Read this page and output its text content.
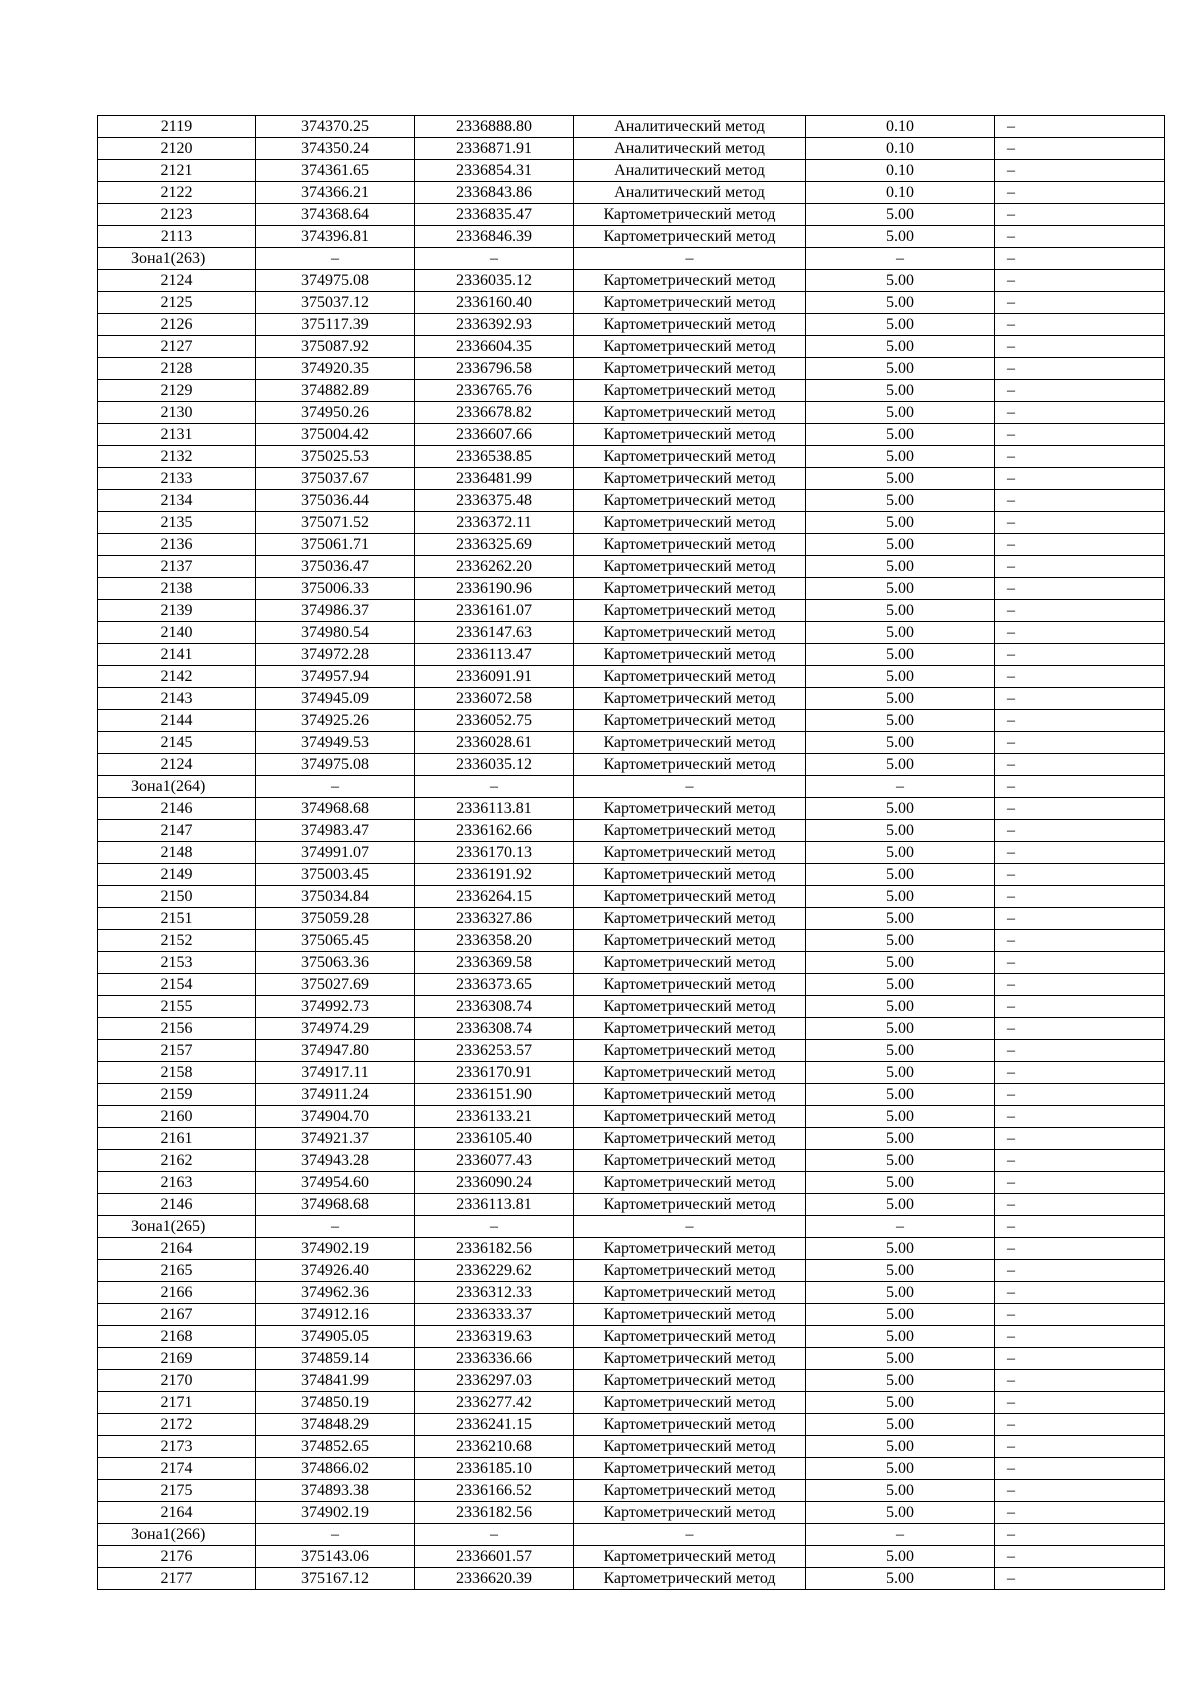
2119	374370.25	2336888.80	Аналитический метод	0.10	–
2120	374350.24	2336871.91	Аналитический метод	0.10	–
2121	374361.65	2336854.31	Аналитический метод	0.10	–
2122	374366.21	2336843.86	Аналитический метод	0.10	–
2123	374368.64	2336835.47	Картометрический метод	5.00	–
2113	374396.81	2336846.39	Картометрический метод	5.00	–
Зона1(263)	–	–	–	–	–
2124	374975.08	2336035.12	Картометрический метод	5.00	–
2125	375037.12	2336160.40	Картометрический метод	5.00	–
2126	375117.39	2336392.93	Картометрический метод	5.00	–
2127	375087.92	2336604.35	Картометрический метод	5.00	–
2128	374920.35	2336796.58	Картометрический метод	5.00	–
2129	374882.89	2336765.76	Картометрический метод	5.00	–
2130	374950.26	2336678.82	Картометрический метод	5.00	–
2131	375004.42	2336607.66	Картометрический метод	5.00	–
2132	375025.53	2336538.85	Картометрический метод	5.00	–
2133	375037.67	2336481.99	Картометрический метод	5.00	–
2134	375036.44	2336375.48	Картометрический метод	5.00	–
2135	375071.52	2336372.11	Картометрический метод	5.00	–
2136	375061.71	2336325.69	Картометрический метод	5.00	–
2137	375036.47	2336262.20	Картометрический метод	5.00	–
2138	375006.33	2336190.96	Картометрический метод	5.00	–
2139	374986.37	2336161.07	Картометрический метод	5.00	–
2140	374980.54	2336147.63	Картометрический метод	5.00	–
2141	374972.28	2336113.47	Картометрический метод	5.00	–
2142	374957.94	2336091.91	Картометрический метод	5.00	–
2143	374945.09	2336072.58	Картометрический метод	5.00	–
2144	374925.26	2336052.75	Картометрический метод	5.00	–
2145	374949.53	2336028.61	Картометрический метод	5.00	–
2124	374975.08	2336035.12	Картометрический метод	5.00	–
Зона1(264)	–	–	–	–	–
2146	374968.68	2336113.81	Картометрический метод	5.00	–
2147	374983.47	2336162.66	Картометрический метод	5.00	–
2148	374991.07	2336170.13	Картометрический метод	5.00	–
2149	375003.45	2336191.92	Картометрический метод	5.00	–
2150	375034.84	2336264.15	Картометрический метод	5.00	–
2151	375059.28	2336327.86	Картометрический метод	5.00	–
2152	375065.45	2336358.20	Картометрический метод	5.00	–
2153	375063.36	2336369.58	Картометрический метод	5.00	–
2154	375027.69	2336373.65	Картометрический метод	5.00	–
2155	374992.73	2336308.74	Картометрический метод	5.00	–
2156	374974.29	2336308.74	Картометрический метод	5.00	–
2157	374947.80	2336253.57	Картометрический метод	5.00	–
2158	374917.11	2336170.91	Картометрический метод	5.00	–
2159	374911.24	2336151.90	Картометрический метод	5.00	–
2160	374904.70	2336133.21	Картометрический метод	5.00	–
2161	374921.37	2336105.40	Картометрический метод	5.00	–
2162	374943.28	2336077.43	Картометрический метод	5.00	–
2163	374954.60	2336090.24	Картометрический метод	5.00	–
2146	374968.68	2336113.81	Картометрический метод	5.00	–
Зона1(265)	–	–	–	–	–
2164	374902.19	2336182.56	Картометрический метод	5.00	–
2165	374926.40	2336229.62	Картометрический метод	5.00	–
2166	374962.36	2336312.33	Картометрический метод	5.00	–
2167	374912.16	2336333.37	Картометрический метод	5.00	–
2168	374905.05	2336319.63	Картометрический метод	5.00	–
2169	374859.14	2336336.66	Картометрический метод	5.00	–
2170	374841.99	2336297.03	Картометрический метод	5.00	–
2171	374850.19	2336277.42	Картометрический метод	5.00	–
2172	374848.29	2336241.15	Картометрический метод	5.00	–
2173	374852.65	2336210.68	Картометрический метод	5.00	–
2174	374866.02	2336185.10	Картометрический метод	5.00	–
2175	374893.38	2336166.52	Картометрический метод	5.00	–
2164	374902.19	2336182.56	Картометрический метод	5.00	–
Зона1(266)	–	–	–	–	–
2176	375143.06	2336601.57	Картометрический метод	5.00	–
2177	375167.12	2336620.39	Картометрический метод	5.00	–
